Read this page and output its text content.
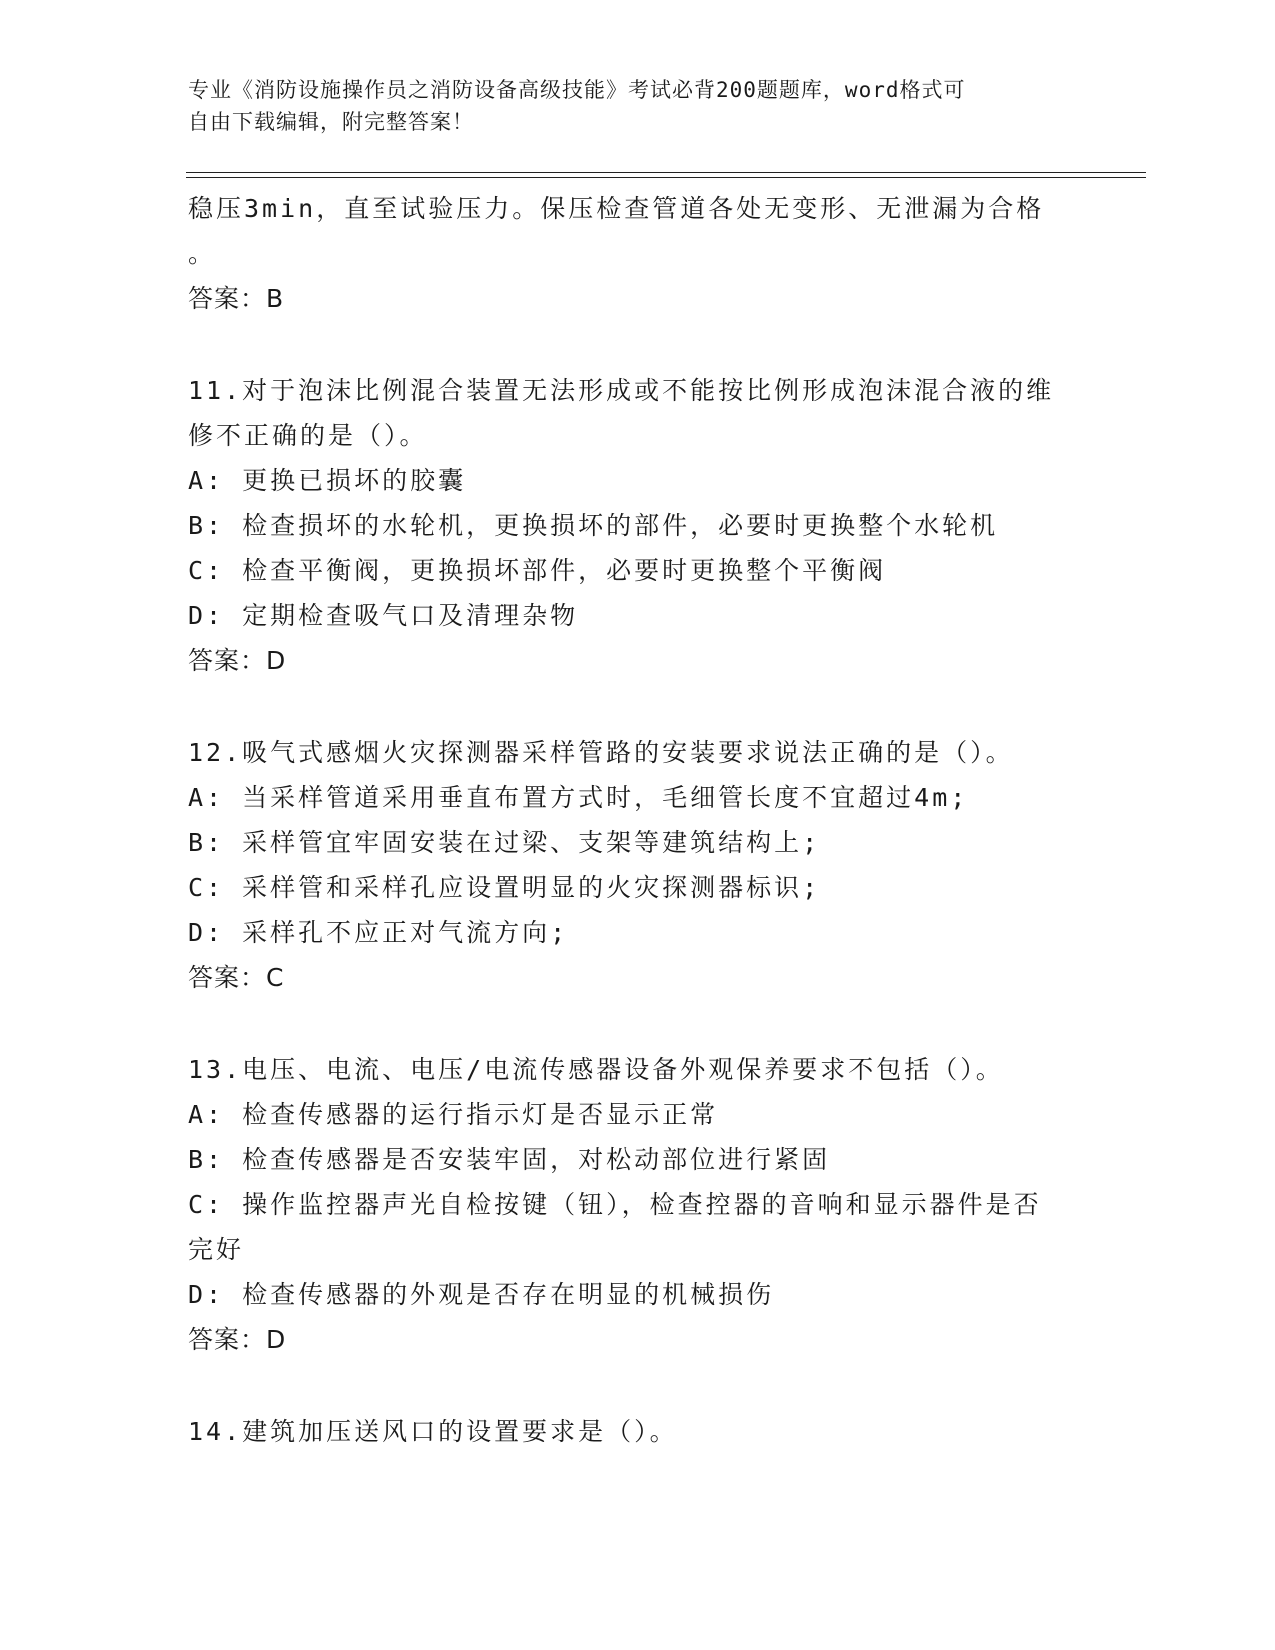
专业《消防设施操作员之消防设备高级技能》考试必背200题题库，word格式可
自由下载编辑，附完整答案！
稳压3min，直至试验压力。保压检查管道各处无变形、无泄漏为合格
。
答案：B
11.对于泡沫比例混合装置无法形成或不能按比例形成泡沫混合液的维
修不正确的是（）。
A: 更换已损坏的胶囊
B: 检查损坏的水轮机，更换损坏的部件，必要时更换整个水轮机
C: 检查平衡阀，更换损坏部件，必要时更换整个平衡阀
D: 定期检查吸气口及清理杂物
答案：D
12.吸气式感烟火灾探测器采样管路的安装要求说法正确的是（）。
A: 当采样管道采用垂直布置方式时，毛细管长度不宜超过4m;
B: 采样管宜牢固安装在过梁、支架等建筑结构上;
C: 采样管和采样孔应设置明显的火灾探测器标识;
D: 采样孔不应正对气流方向;
答案：C
13.电压、电流、电压/电流传感器设备外观保养要求不包括（）。
A: 检查传感器的运行指示灯是否显示正常
B: 检查传感器是否安装牢固，对松动部位进行紧固
C: 操作监控器声光自检按键（钮），检查控器的音响和显示器件是否
完好
D: 检查传感器的外观是否存在明显的机械损伤
答案：D
14.建筑加压送风口的设置要求是（）。
